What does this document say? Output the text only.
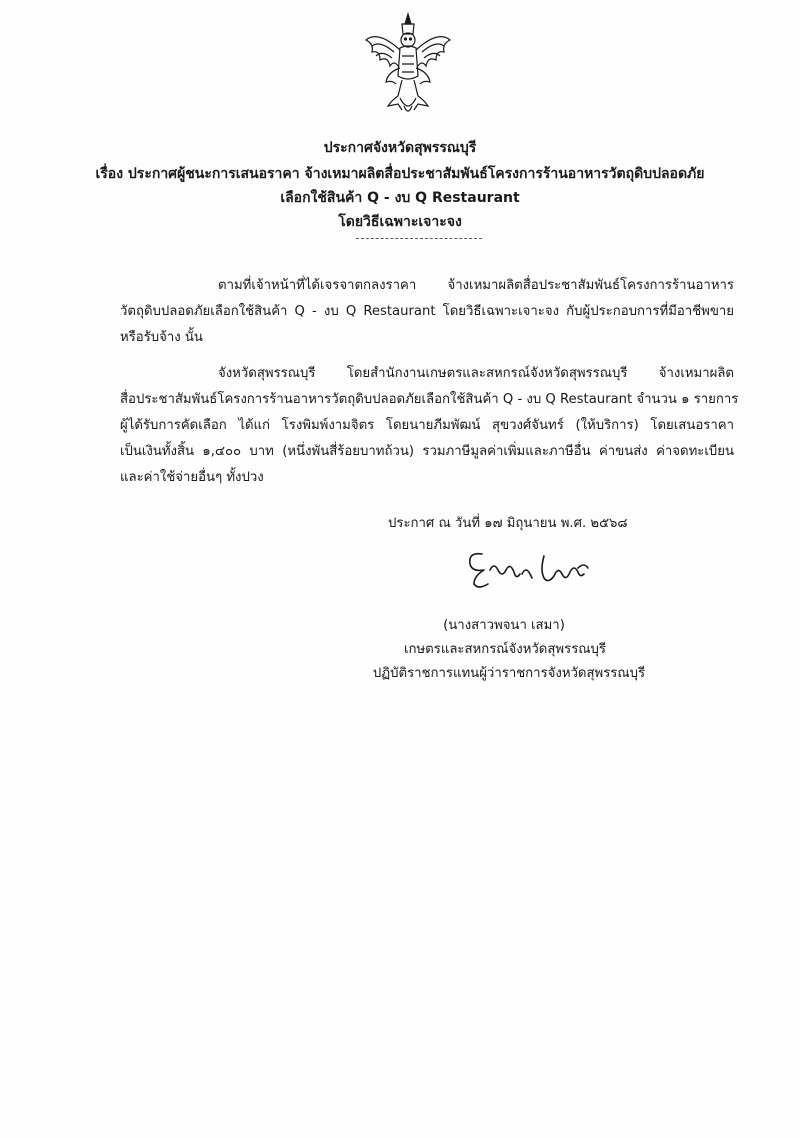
ประกาศจังหวัดสุพรรณบุรี
เรื่อง ประกาศผู้ชนะการเสนอราคา จ้างเหมาผลิตสื่อประชาสัมพันธ์โครงการร้านอาหารวัตถุดิบปลอดภัย
เลือกใช้สินค้า Q - งบ Q Restaurant
โดยวิธีเฉพาะเจาะจง
ตามที่เจ้าหน้าที่ได้เจรจาตกลงราคา จ้างเหมาผลิตสื่อประชาสัมพันธ์โครงการร้านอาหาร
วัตถุดิบปลอดภัยเลือกใช้สินค้า Q - งบ Q Restaurant โดยวิธีเฉพาะเจาะจง กับผู้ประกอบการที่มีอาชีพขาย
หรือรับจ้าง นั้น
จังหวัดสุพรรณบุรี โดยสำนักงานเกษตรและสหกรณ์จังหวัดสุพรรณบุรี จ้างเหมาผลิต
สื่อประชาสัมพันธ์โครงการร้านอาหารวัตถุดิบปลอดภัยเลือกใช้สินค้า Q - งบ Q Restaurant จำนวน ๑ รายการ
ผู้ได้รับการคัดเลือก ได้แก่ โรงพิมพ์งามจิตร โดยนายภีมพัฒน์ สุขวงศ์จันทร์ (ให้บริการ) โดยเสนอราคา
เป็นเงินทั้งสิ้น ๑,๔๐๐ บาท (หนึ่งพันสี่ร้อยบาทถ้วน) รวมภาษีมูลค่าเพิ่มและภาษีอื่น ค่าขนส่ง ค่าจดทะเบียน
และค่าใช้จ่ายอื่นๆ ทั้งปวง
ประกาศ ณ วันที่ ๑๗ มิถุนายน พ.ศ. ๒๕๖๘
(นางสาวพจนา เสมา)
เกษตรและสหกรณ์จังหวัดสุพรรณบุรี
ปฏิบัติราชการแทนผู้ว่าราชการจังหวัดสุพรรณบุรี
